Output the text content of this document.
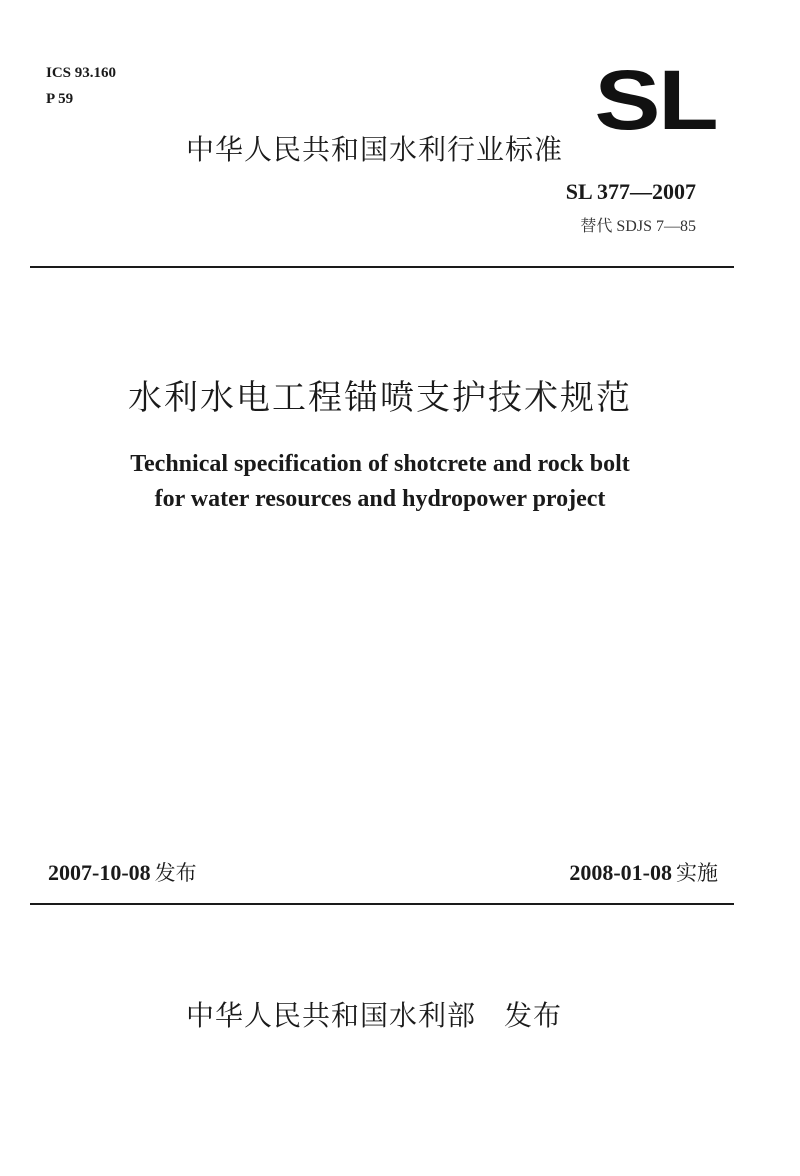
ICS 93.160
P 59	SL
中华人民共和国水利行业标准
SL 377—2007
替代 SDJS 7—85
水利水电工程锚喷支护技术规范
Technical specification of shotcrete and rock bolt
for water resources and hydropower project
2007-10-08 发布	2008-01-08 实施
中华人民共和国水利部 发布
